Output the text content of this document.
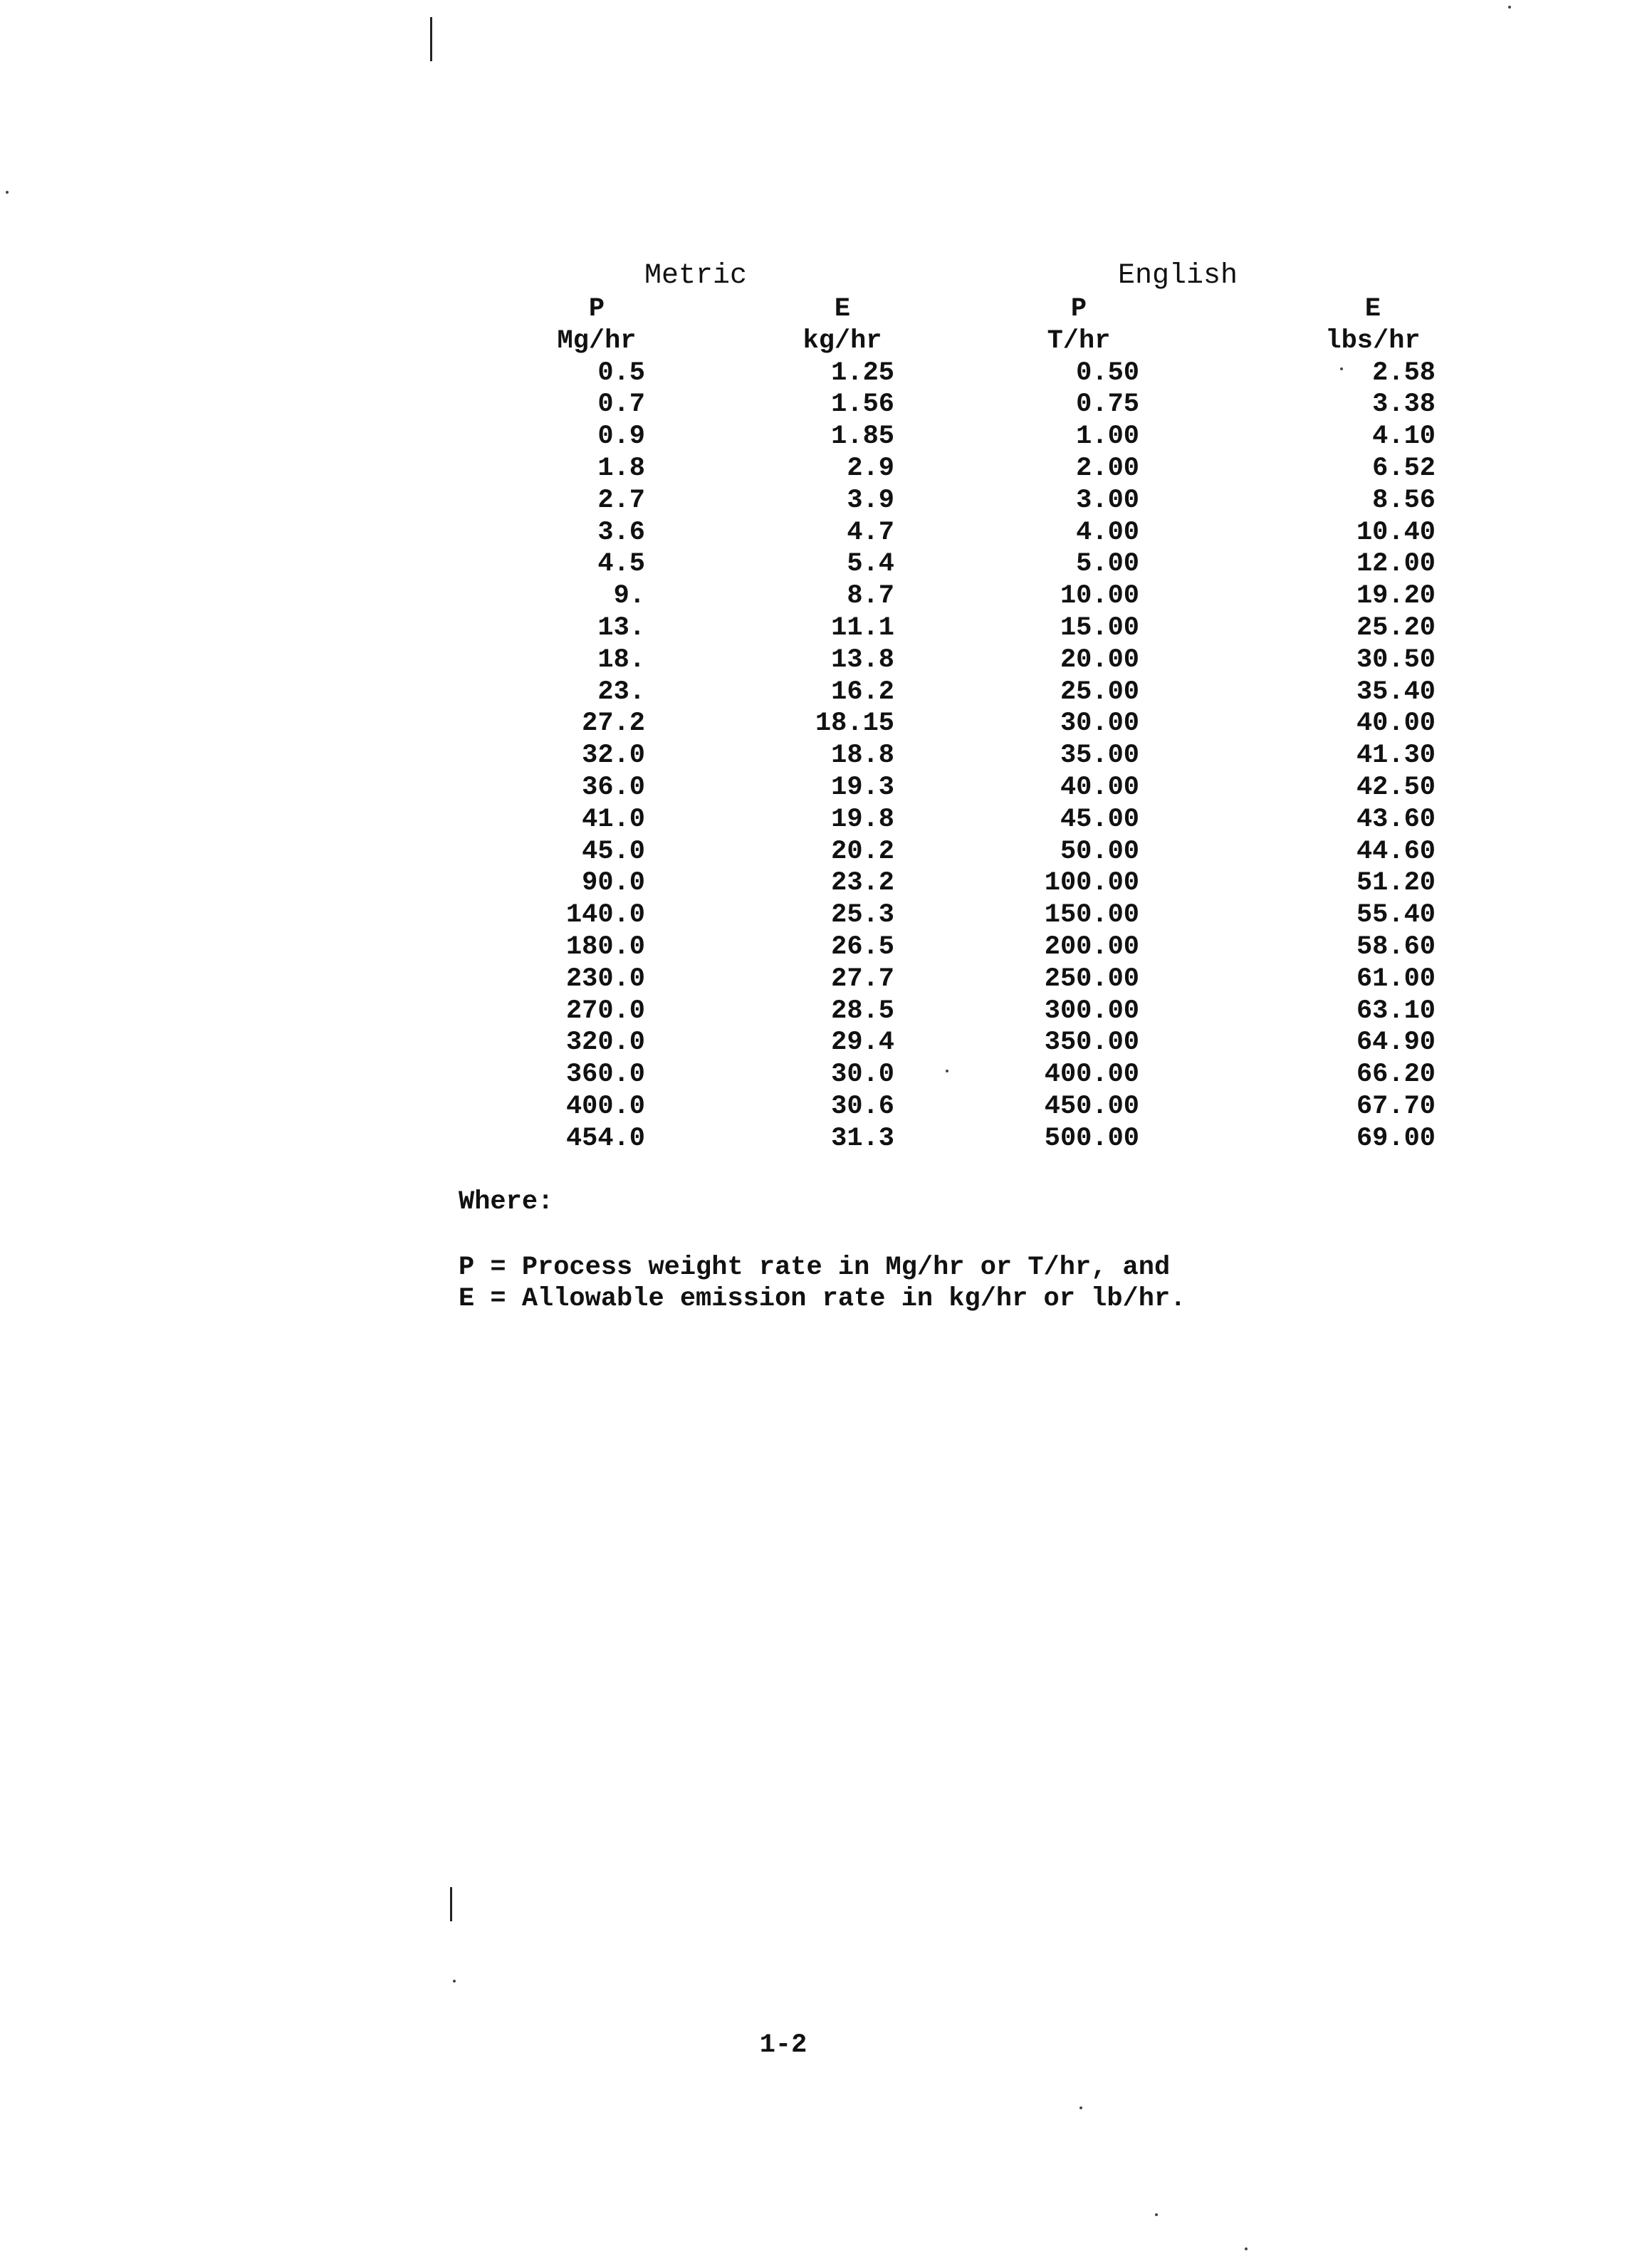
Metric	English
P
Mg/hr
0.5
0.7
0.9
1.8
2.7
3.6
4.5
9.
13.
18.
23.
27.2
32.0
36.0
41.0
45.0
90.0
140.0
180.0
230.0
270.0
320.0
360.0
400.0
454.0
E
kg/hr
1.25
1.56
1.85
2.9
3.9
4.7
5.4
8.7
11.1
13.8
16.2
18.15
18.8
19.3
19.8
20.2
23.2
25.3
26.5
27.7
28.5
29.4
30.0
30.6
31.3
P
T/hr
0.50
0.75
1.00
2.00
3.00
4.00
5.00
10.00
15.00
20.00
25.00
30.00
35.00
40.00
45.00
50.00
100.00
150.00
200.00
250.00
300.00
350.00
400.00
450.00
500.00
E
lbs/hr
2.58
3.38
4.10
6.52
8.56
10.40
12.00
19.20
25.20
30.50
35.40
40.00
41.30
42.50
43.60
44.60
51.20
55.40
58.60
61.00
63.10
64.90
66.20
67.70
69.00
Where:
P = Process weight rate in Mg/hr or T/hr, and
E = Allowable emission rate in kg/hr or lb/hr.
1-2
